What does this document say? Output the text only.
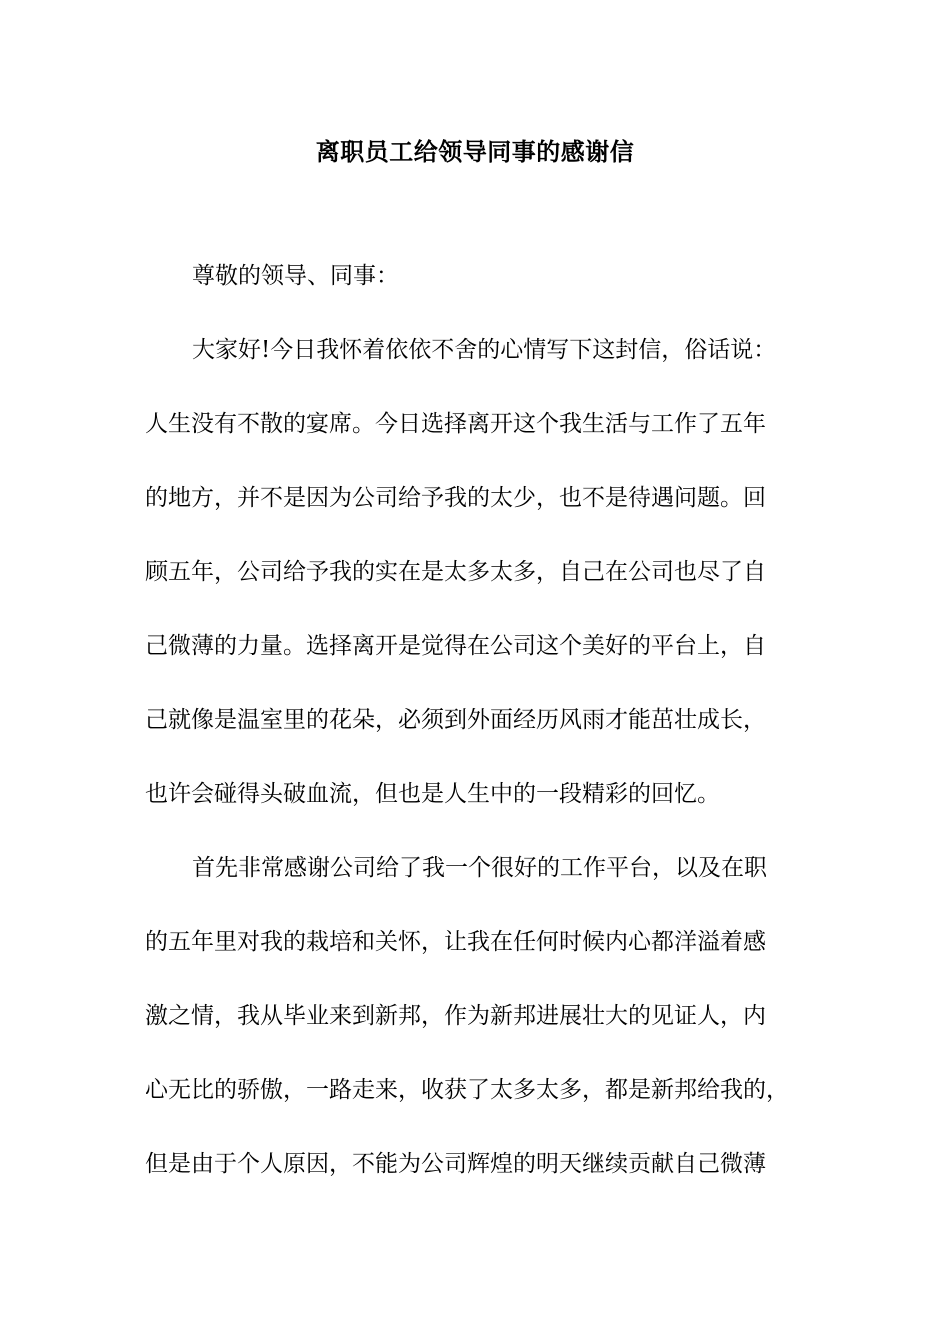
离职员工给领导同事的感谢信
尊敬的领导、同事：
大家好!今日我怀着依依不舍的心情写下这封信，俗话说：
人生没有不散的宴席。今日选择离开这个我生活与工作了五年
的地方，并不是因为公司给予我的太少，也不是待遇问题。回
顾五年，公司给予我的实在是太多太多，自己在公司也尽了自
己微薄的力量。选择离开是觉得在公司这个美好的平台上，自
己就像是温室里的花朵，必须到外面经历风雨才能茁壮成长，
也许会碰得头破血流，但也是人生中的一段精彩的回忆。
首先非常感谢公司给了我一个很好的工作平台，以及在职
的五年里对我的栽培和关怀，让我在任何时候内心都洋溢着感
激之情，我从毕业来到新邦，作为新邦进展壮大的见证人，内
心无比的骄傲，一路走来，收获了太多太多，都是新邦给我的，
但是由于个人原因，不能为公司辉煌的明天继续贡献自己微薄
